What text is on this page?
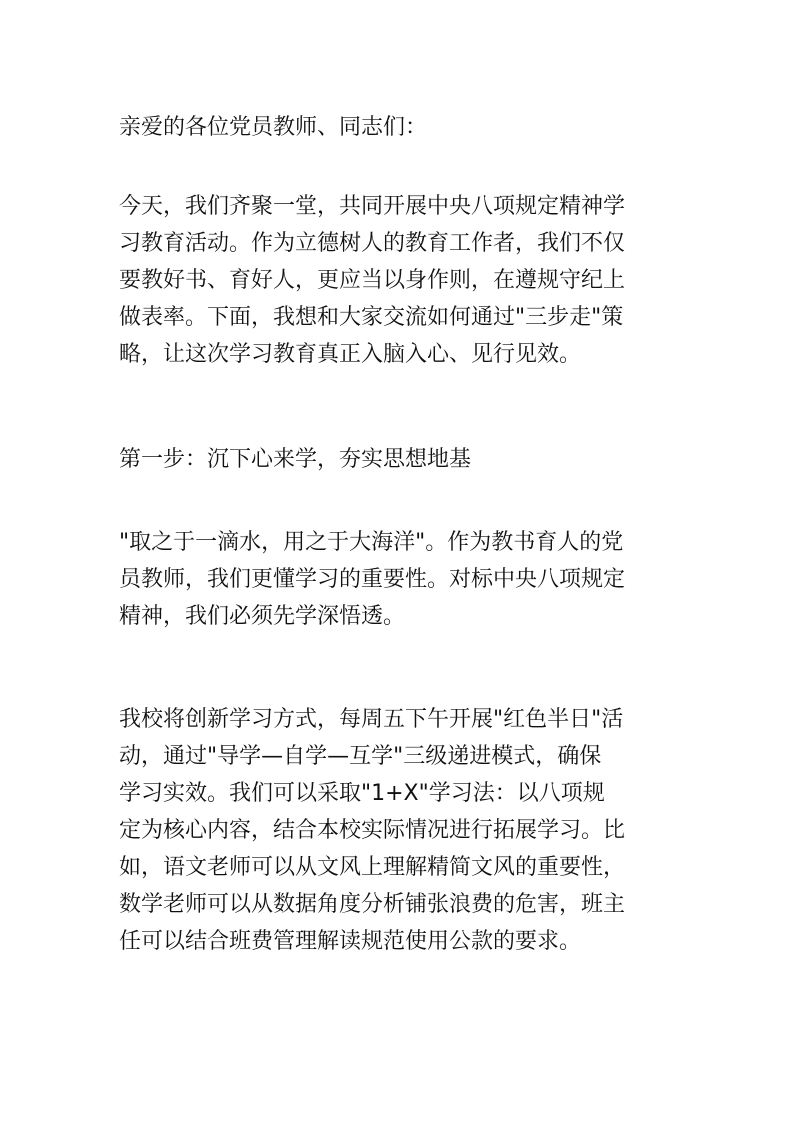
亲爱的各位党员教师、同志们：
今天，我们齐聚一堂，共同开展中央八项规定精神学
习教育活动。作为立德树人的教育工作者，我们不仅
要教好书、育好人，更应当以身作则，在遵规守纪上
做表率。下面，我想和大家交流如何通过"三步走"策
略，让这次学习教育真正入脑入心、见行见效。
第一步：沉下心来学，夯实思想地基
"取之于一滴水，用之于大海洋"。作为教书育人的党
员教师，我们更懂学习的重要性。对标中央八项规定
精神，我们必须先学深悟透。
我校将创新学习方式，每周五下午开展"红色半日"活
动，通过"导学—自学—互学"三级递进模式，确保
学习实效。我们可以采取"1+X"学习法：以八项规
定为核心内容，结合本校实际情况进行拓展学习。比
如，语文老师可以从文风上理解精简文风的重要性，
数学老师可以从数据角度分析铺张浪费的危害，班主
任可以结合班费管理解读规范使用公款的要求。
